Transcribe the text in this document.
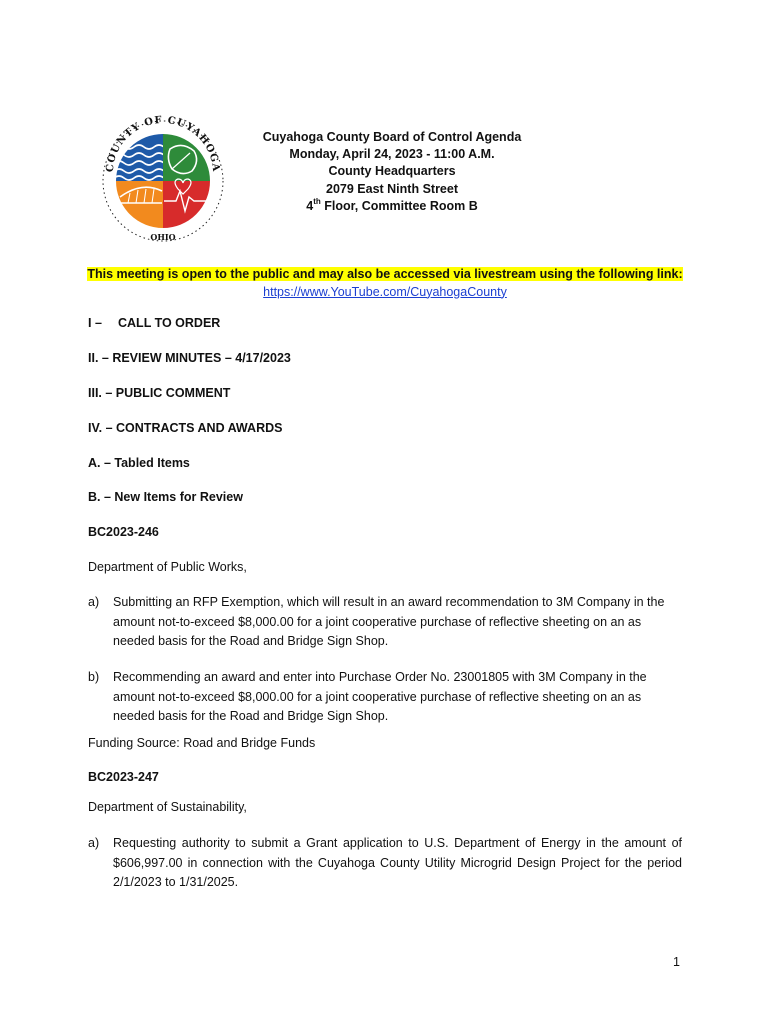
COUNTY OF CUYAHOGA
OHIO
Cuyahoga County Board of Control Agenda
Monday, April 24, 2023 - 11:00 A.M.
County Headquarters
2079 East Ninth Street
4th Floor, Committee Room B
This meeting is open to the public and may also be accessed via livestream using the following link:
https://www.YouTube.com/CuyahogaCounty
I – CALL TO ORDER
II. – REVIEW MINUTES – 4/17/2023
III. – PUBLIC COMMENT
IV. – CONTRACTS AND AWARDS
A. – Tabled Items
B. – New Items for Review
BC2023-246
Department of Public Works,
a) Submitting an RFP Exemption, which will result in an award recommendation to 3M Company in the amount not-to-exceed $8,000.00 for a joint cooperative purchase of reflective sheeting on an as needed basis for the Road and Bridge Sign Shop.
b) Recommending an award and enter into Purchase Order No. 23001805 with 3M Company in the amount not-to-exceed $8,000.00 for a joint cooperative purchase of reflective sheeting on an as needed basis for the Road and Bridge Sign Shop.
Funding Source: Road and Bridge Funds
BC2023-247
Department of Sustainability,
a) Requesting authority to submit a Grant application to U.S. Department of Energy in the amount of $606,997.00 in connection with the Cuyahoga County Utility Microgrid Design Project for the period 2/1/2023 to 1/31/2025.
1
